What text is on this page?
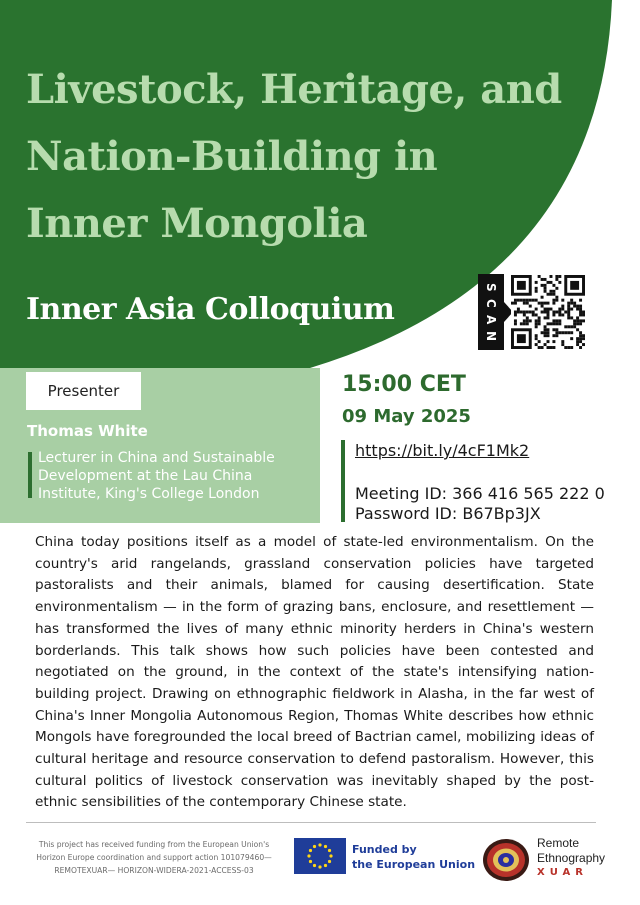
Livestock, Heritage, and
Nation-Building in
Inner Mongolia
Inner Asia Colloquium
S
C
A
N
Presenter
Thomas White
Lecturer in China and Sustainable Development at the Lau China Institute, King's College London
15:00 CET
09 May 2025
https://bit.ly/4cF1Mk2
Meeting ID: 366 416 565 222 0
Password ID: B67Bp3JX
China today positions itself as a model of state-led environmentalism. On the country's arid rangelands, grassland conservation policies have targeted pastoralists and their animals, blamed for causing desertification. State environmentalism — in the form of grazing bans, enclosure, and resettlement — has transformed the lives of many ethnic minority herders in China's western borderlands. This talk shows how such policies have been contested and negotiated on the ground, in the context of the state's intensifying nation-building project. Drawing on ethnographic fieldwork in Alasha, in the far west of China's Inner Mongolia Autonomous Region, Thomas White describes how ethnic Mongols have foregrounded the local breed of Bactrian camel, mobilizing ideas of cultural heritage and resource conservation to defend pastoralism. However, this cultural politics of livestock conservation was inevitably shaped by the post-ethnic sensibilities of the contemporary Chinese state.
This project has received funding from the European Union's
Horizon Europe coordination and support action 101079460—
REMOTEXUAR— HORIZON-WIDERA-2021-ACCESS-03
Funded by
the European Union
Remote
Ethnography
XUAR
